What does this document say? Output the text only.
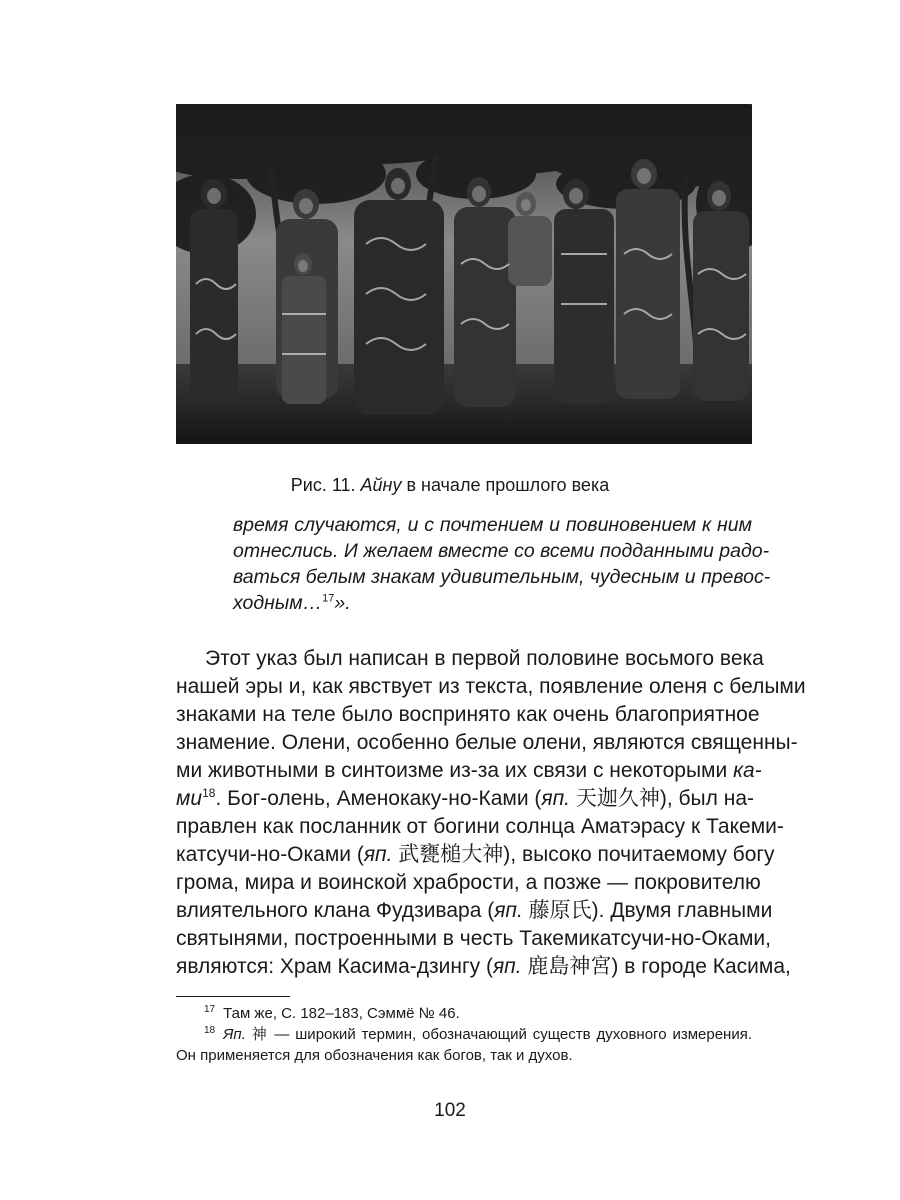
Рис. 11. Айну в начале прошлого века
время случаются, и с почтением и повиновением к ним
отнеслись. И желаем вместе со всеми подданными радо-
ваться белым знакам удивительным, чудесным и превос-
ходным…$^{17}$».
Этот указ был написан в первой половине восьмого века
нашей эры и, как явствует из текста, появление оленя с белыми
знаками на теле было воспринято как очень благоприятное
знамение. Олени, особенно белые олени, являются священны-
ми животными в синтоизме из-за их связи с некоторыми ка-
$ми^{18}$. Бог-олень, Аменокаку-но-Ками (яп. 天迦久神), был на-
правлен как посланник от богини солнца Аматэрасу к Такеми-
катсучи-но-Оками (яп. 武甕槌大神), высоко почитаемому богу
грома, мира и воинской храбрости, а позже — покровителю
влиятельного клана Фудзивара (яп. 藤原氏). Двумя главными
святынями, построенными в честь Такемикатсучи-но-Оками,
являются: Храм Касима-дзингу (яп. 鹿島神宮) в городе Касима,
$^{17}$ Там же, С. 182–183, Сэммё № 46.
$^{18}$ Яп. 神 — широкий термин, обозначающий существ духовного измерения.
Он применяется для обозначения как богов, так и духов.
102
